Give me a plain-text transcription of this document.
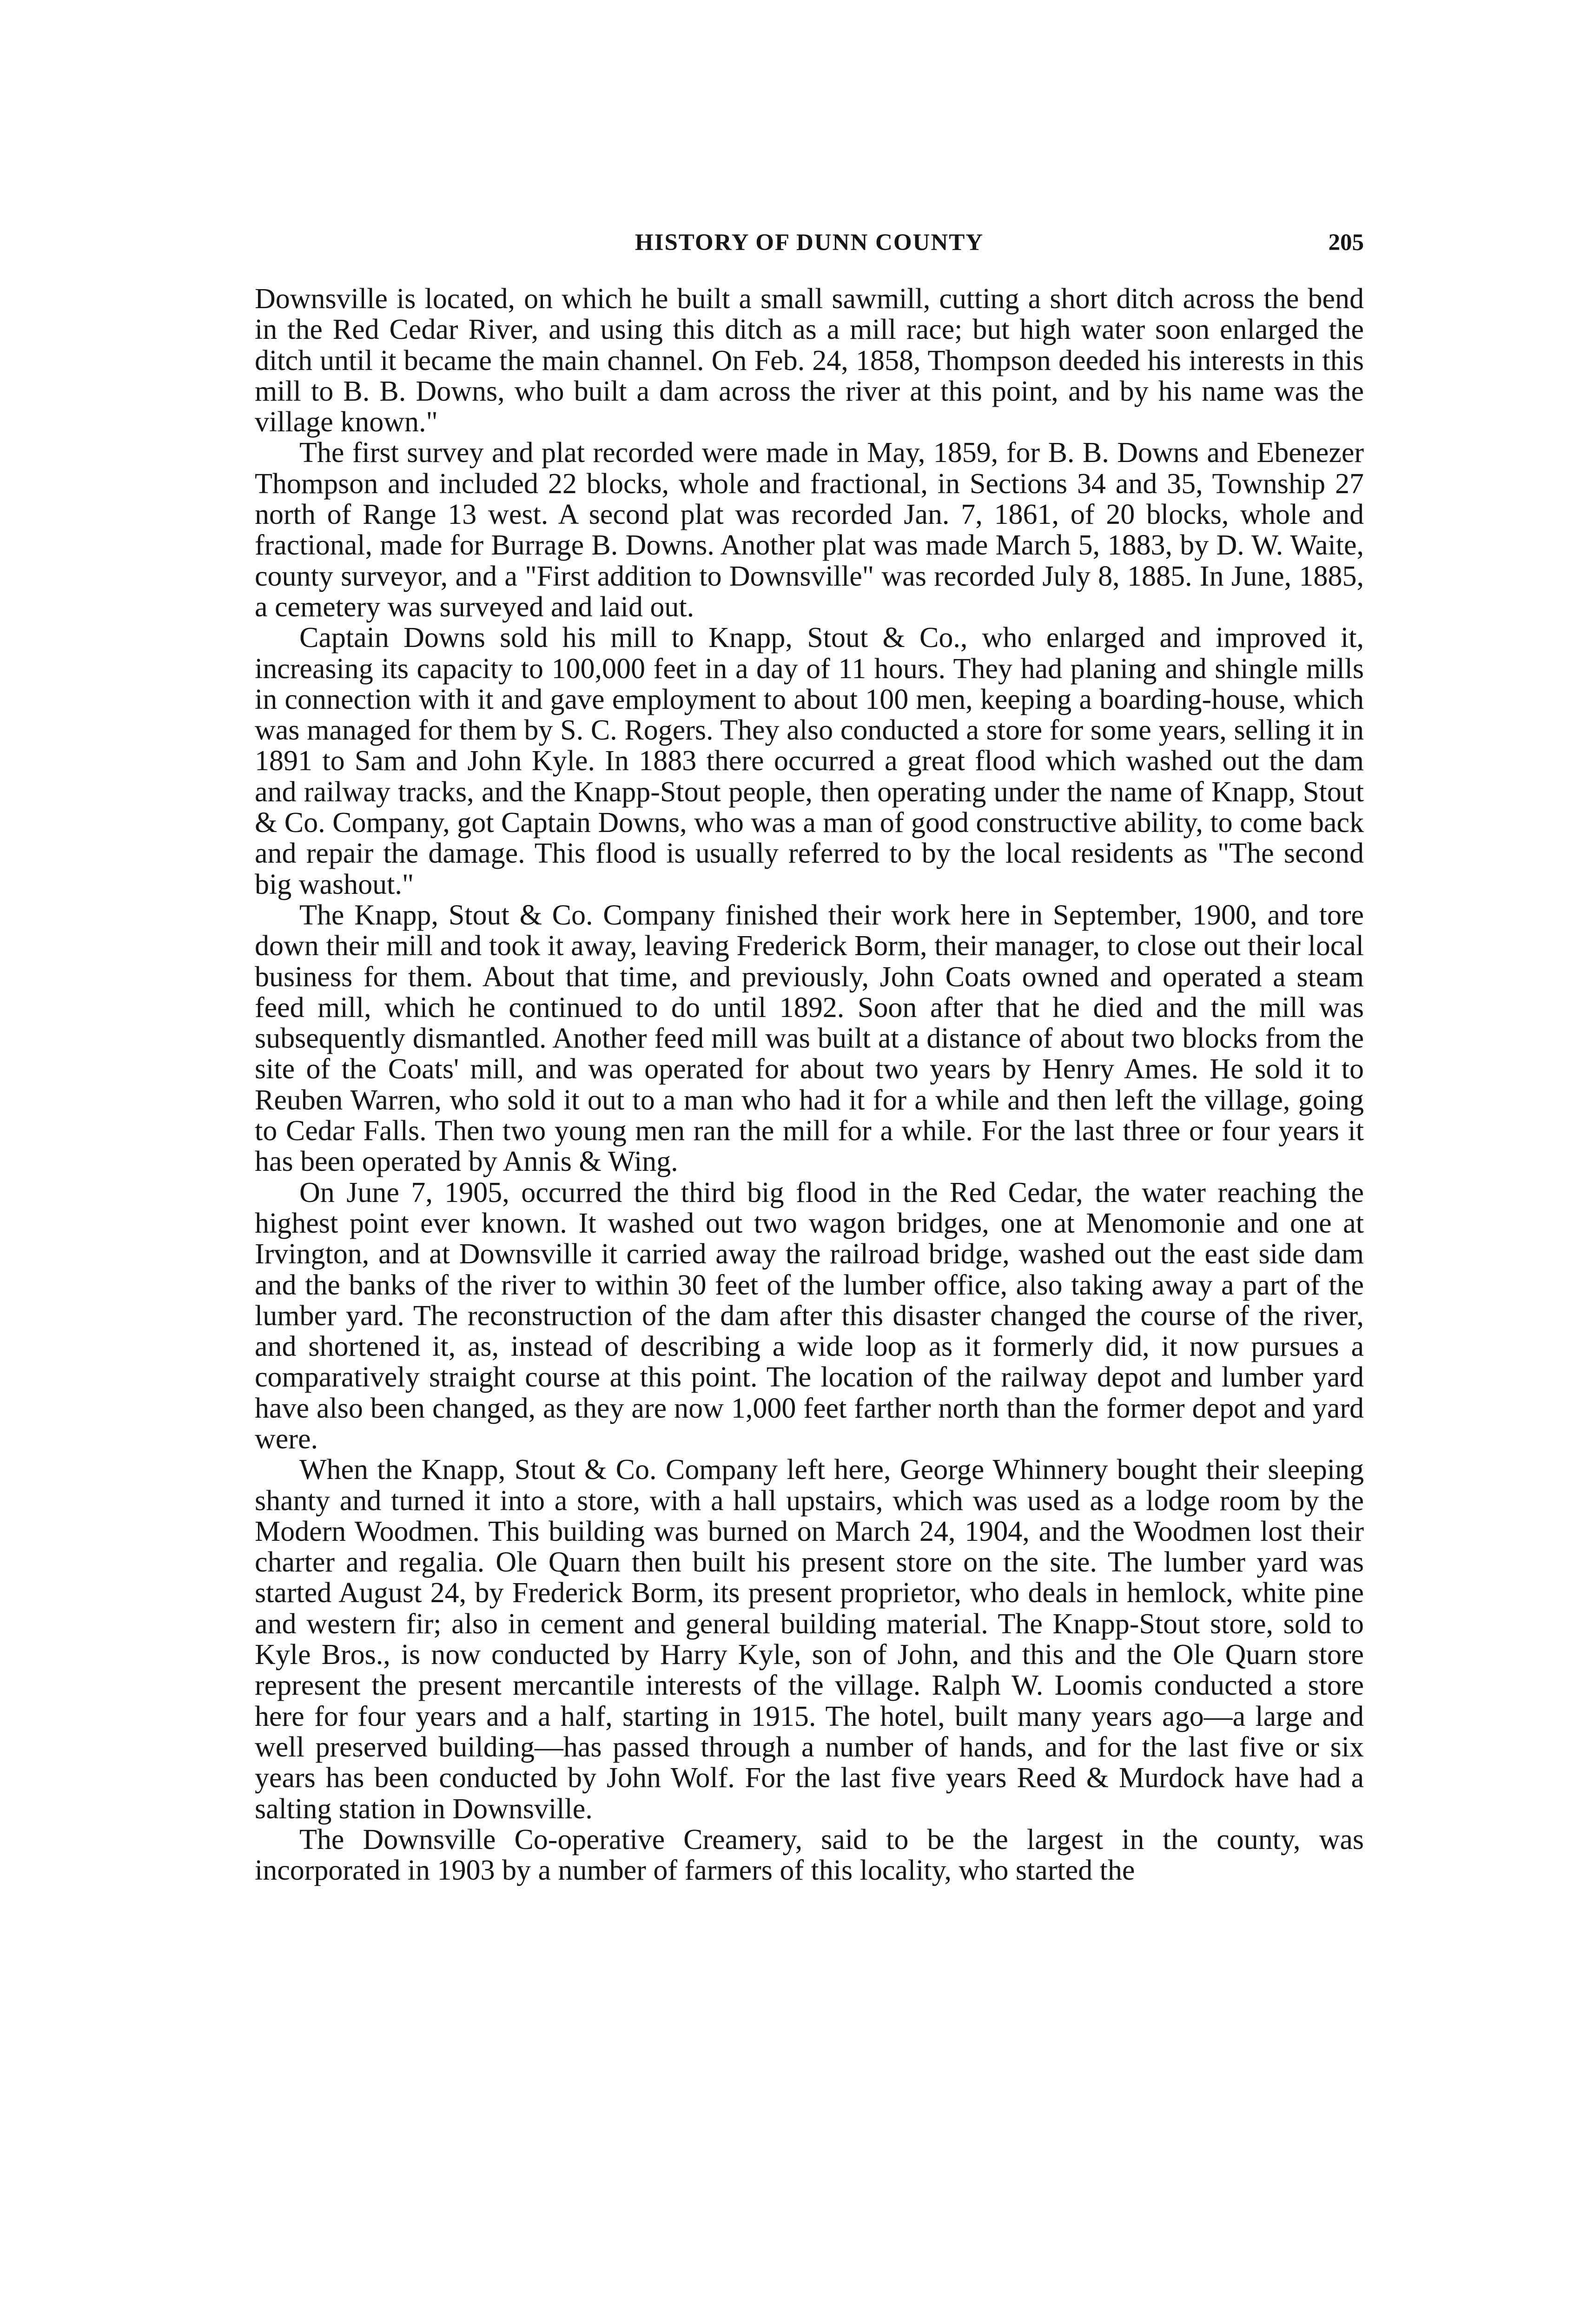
HISTORY OF DUNN COUNTY	205

Downsville is located, on which he built a small sawmill, cutting a short ditch across the bend in the Red Cedar River, and using this ditch as a mill race; but high water soon enlarged the ditch until it became the main channel. On Feb. 24, 1858, Thompson deeded his interests in this mill to B. B. Downs, who built a dam across the river at this point, and by his name was the village known."

The first survey and plat recorded were made in May, 1859, for B. B. Downs and Ebenezer Thompson and included 22 blocks, whole and fractional, in Sections 34 and 35, Township 27 north of Range 13 west. A second plat was recorded Jan. 7, 1861, of 20 blocks, whole and fractional, made for Burrage B. Downs. Another plat was made March 5, 1883, by D. W. Waite, county surveyor, and a "First addition to Downsville" was recorded July 8, 1885. In June, 1885, a cemetery was surveyed and laid out.

Captain Downs sold his mill to Knapp, Stout & Co., who enlarged and improved it, increasing its capacity to 100,000 feet in a day of 11 hours. They had planing and shingle mills in connection with it and gave employment to about 100 men, keeping a boarding-house, which was managed for them by S. C. Rogers. They also conducted a store for some years, selling it in 1891 to Sam and John Kyle. In 1883 there occurred a great flood which washed out the dam and railway tracks, and the Knapp-Stout people, then operating under the name of Knapp, Stout & Co. Company, got Captain Downs, who was a man of good constructive ability, to come back and repair the damage. This flood is usually referred to by the local residents as "The second big washout."

The Knapp, Stout & Co. Company finished their work here in September, 1900, and tore down their mill and took it away, leaving Frederick Borm, their manager, to close out their local business for them. About that time, and previously, John Coats owned and operated a steam feed mill, which he continued to do until 1892. Soon after that he died and the mill was subsequently dismantled. Another feed mill was built at a distance of about two blocks from the site of the Coats' mill, and was operated for about two years by Henry Ames. He sold it to Reuben Warren, who sold it out to a man who had it for a while and then left the village, going to Cedar Falls. Then two young men ran the mill for a while. For the last three or four years it has been operated by Annis & Wing.

On June 7, 1905, occurred the third big flood in the Red Cedar, the water reaching the highest point ever known. It washed out two wagon bridges, one at Menomonie and one at Irvington, and at Downsville it carried away the railroad bridge, washed out the east side dam and the banks of the river to within 30 feet of the lumber office, also taking away a part of the lumber yard. The reconstruction of the dam after this disaster changed the course of the river, and shortened it, as, instead of describing a wide loop as it formerly did, it now pursues a comparatively straight course at this point. The location of the railway depot and lumber yard have also been changed, as they are now 1,000 feet farther north than the former depot and yard were.

When the Knapp, Stout & Co. Company left here, George Whinnery bought their sleeping shanty and turned it into a store, with a hall upstairs, which was used as a lodge room by the Modern Woodmen. This building was burned on March 24, 1904, and the Woodmen lost their charter and regalia. Ole Quarn then built his present store on the site. The lumber yard was started August 24, by Frederick Borm, its present proprietor, who deals in hemlock, white pine and western fir; also in cement and general building material. The Knapp-Stout store, sold to Kyle Bros., is now conducted by Harry Kyle, son of John, and this and the Ole Quarn store represent the present mercantile interests of the village. Ralph W. Loomis conducted a store here for four years and a half, starting in 1915. The hotel, built many years ago—a large and well preserved building—has passed through a number of hands, and for the last five or six years has been conducted by John Wolf. For the last five years Reed & Murdock have had a salting station in Downsville.

The Downsville Co-operative Creamery, said to be the largest in the county, was incorporated in 1903 by a number of farmers of this locality, who started the
